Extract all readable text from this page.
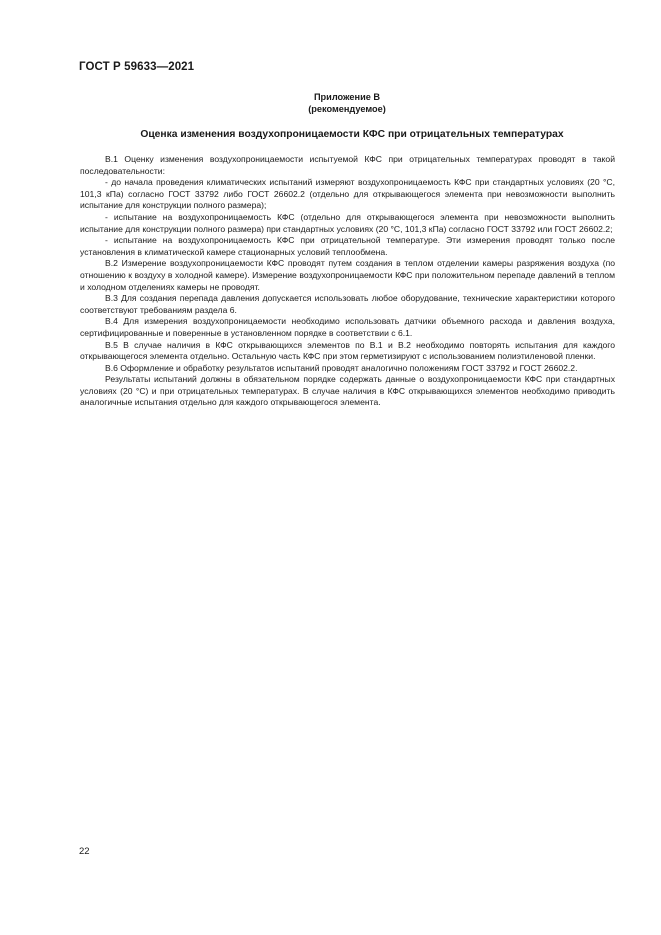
ГОСТ Р 59633—2021
Приложение В
(рекомендуемое)
Оценка изменения воздухопроницаемости КФС при отрицательных температурах

В.1 Оценку изменения воздухопроницаемости испытуемой КФС при отрицательных температурах проводят в такой последовательности:

- до начала проведения климатических испытаний измеряют воздухопроницаемость КФС при стандартных условиях (20 °С, 101,3 кПа) согласно ГОСТ 33792 либо ГОСТ 26602.2 (отдельно для открывающегося элемента при невозможности выполнить испытание для конструкции полного размера);

- испытание на воздухопроницаемость КФС (отдельно для открывающегося элемента при невозможности выполнить испытание для конструкции полного размера) при стандартных условиях (20 °С, 101,3 кПа) согласно ГОСТ 33792 или ГОСТ 26602.2;

- испытание на воздухопроницаемость КФС при отрицательной температуре. Эти измерения проводят только после установления в климатической камере стационарных условий теплообмена.

В.2 Измерение воздухопроницаемости КФС проводят путем создания в теплом отделении камеры разряжения воздуха (по отношению к воздуху в холодной камере). Измерение воздухопроницаемости КФС при положительном перепаде давлений в теплом и холодном отделениях камеры не проводят.

В.3 Для создания перепада давления допускается использовать любое оборудование, технические характеристики которого соответствуют требованиям раздела 6.

В.4 Для измерения воздухопроницаемости необходимо использовать датчики объемного расхода и давления воздуха, сертифицированные и поверенные в установленном порядке в соответствии с 6.1.

В.5 В случае наличия в КФС открывающихся элементов по В.1 и В.2 необходимо повторять испытания для каждого открывающегося элемента отдельно. Остальную часть КФС при этом герметизируют с использованием полиэтиленовой пленки.

В.6 Оформление и обработку результатов испытаний проводят аналогично положениям ГОСТ 33792 и ГОСТ 26602.2.

Результаты испытаний должны в обязательном порядке содержать данные о воздухопроницаемости КФС при стандартных условиях (20 °С) и при отрицательных температурах. В случае наличия в КФС открывающихся элементов необходимо приводить аналогичные испытания отдельно для каждого открывающегося элемента.

22
